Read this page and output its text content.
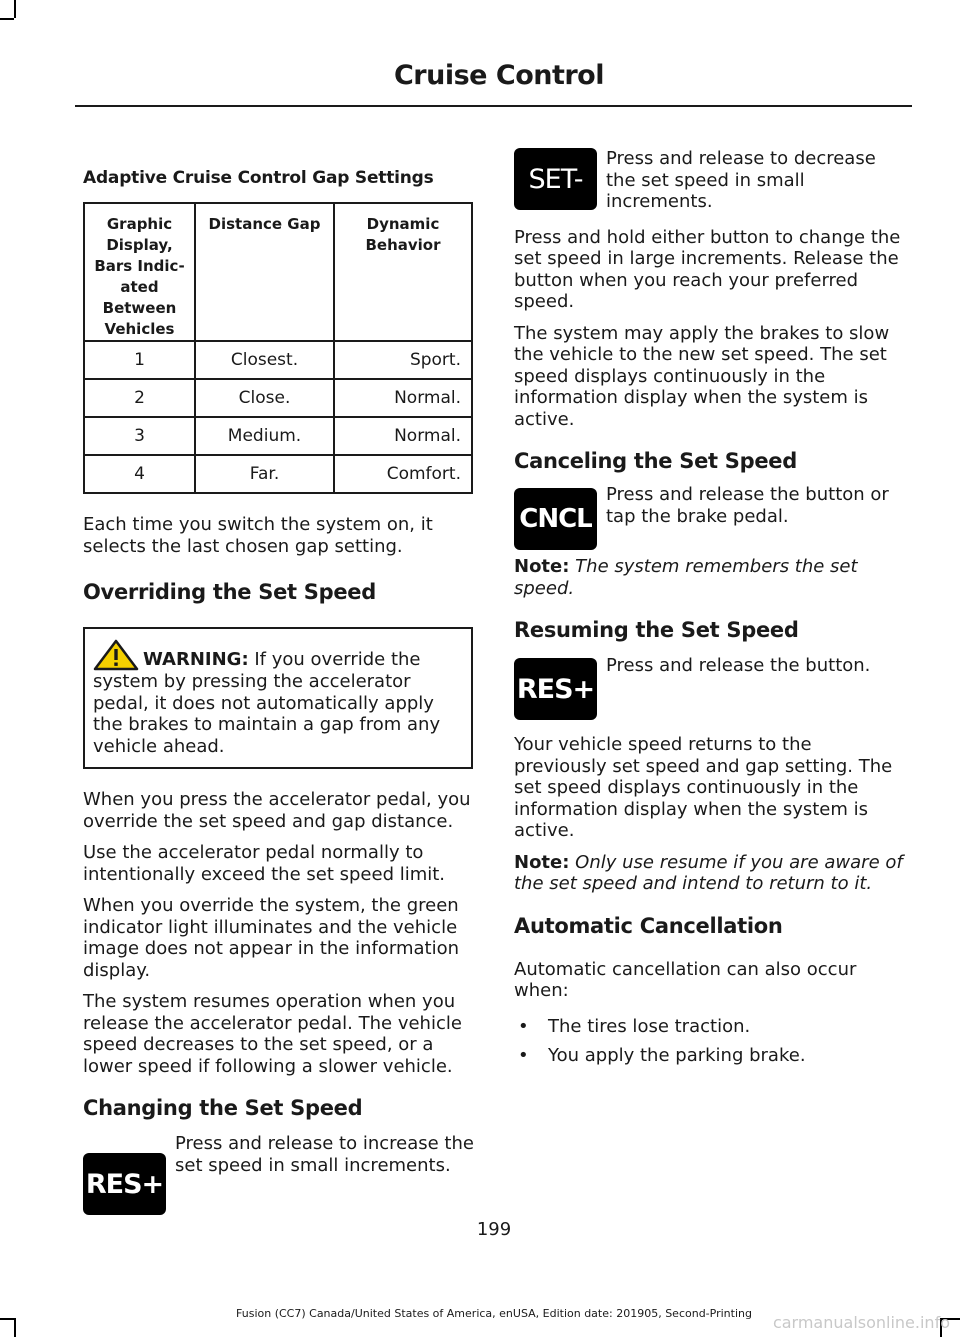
Cruise Control
Adaptive Cruise Control Gap Settings
Graphic Display, Bars Indic- ated Between Vehicles	Distance Gap	Dynamic Behavior
1	Closest.	Sport.
2	Close.	Normal.
3	Medium.	Normal.
4	Far.	Comfort.

Each time you switch the system on, it selects the last chosen gap setting.

Overriding the Set Speed
WARNING: If you override the system by pressing the accelerator pedal, it does not automatically apply the brakes to maintain a gap from any vehicle ahead.

When you press the accelerator pedal, you override the set speed and gap distance.

Use the accelerator pedal normally to intentionally exceed the set speed limit.

When you override the system, the green indicator light illuminates and the vehicle image does not appear in the information display.

The system resumes operation when you release the accelerator pedal. The vehicle speed decreases to the set speed, or a lower speed if following a slower vehicle.

Changing the Set Speed
RES+
Press and release to increase the set speed in small increments.
SET-
Press and release to decrease the set speed in small increments.

Press and hold either button to change the set speed in large increments. Release the button when you reach your preferred speed.

The system may apply the brakes to slow the vehicle to the new set speed. The set speed displays continuously in the information display when the system is active.

Canceling the Set Speed
CNCL
Press and release the button or tap the brake pedal.

Note: The system remembers the set speed.

Resuming the Set Speed
RES+
Press and release the button.

Your vehicle speed returns to the previously set speed and gap setting. The set speed displays continuously in the information display when the system is active.

Note: Only use resume if you are aware of the set speed and intend to return to it.

Automatic Cancellation

Automatic cancellation can also occur when:

• The tires lose traction.
• You apply the parking brake.
199
Fusion (CC7) Canada/United States of America, enUSA, Edition date: 201905, Second-Printing	carmanualsonline.info
